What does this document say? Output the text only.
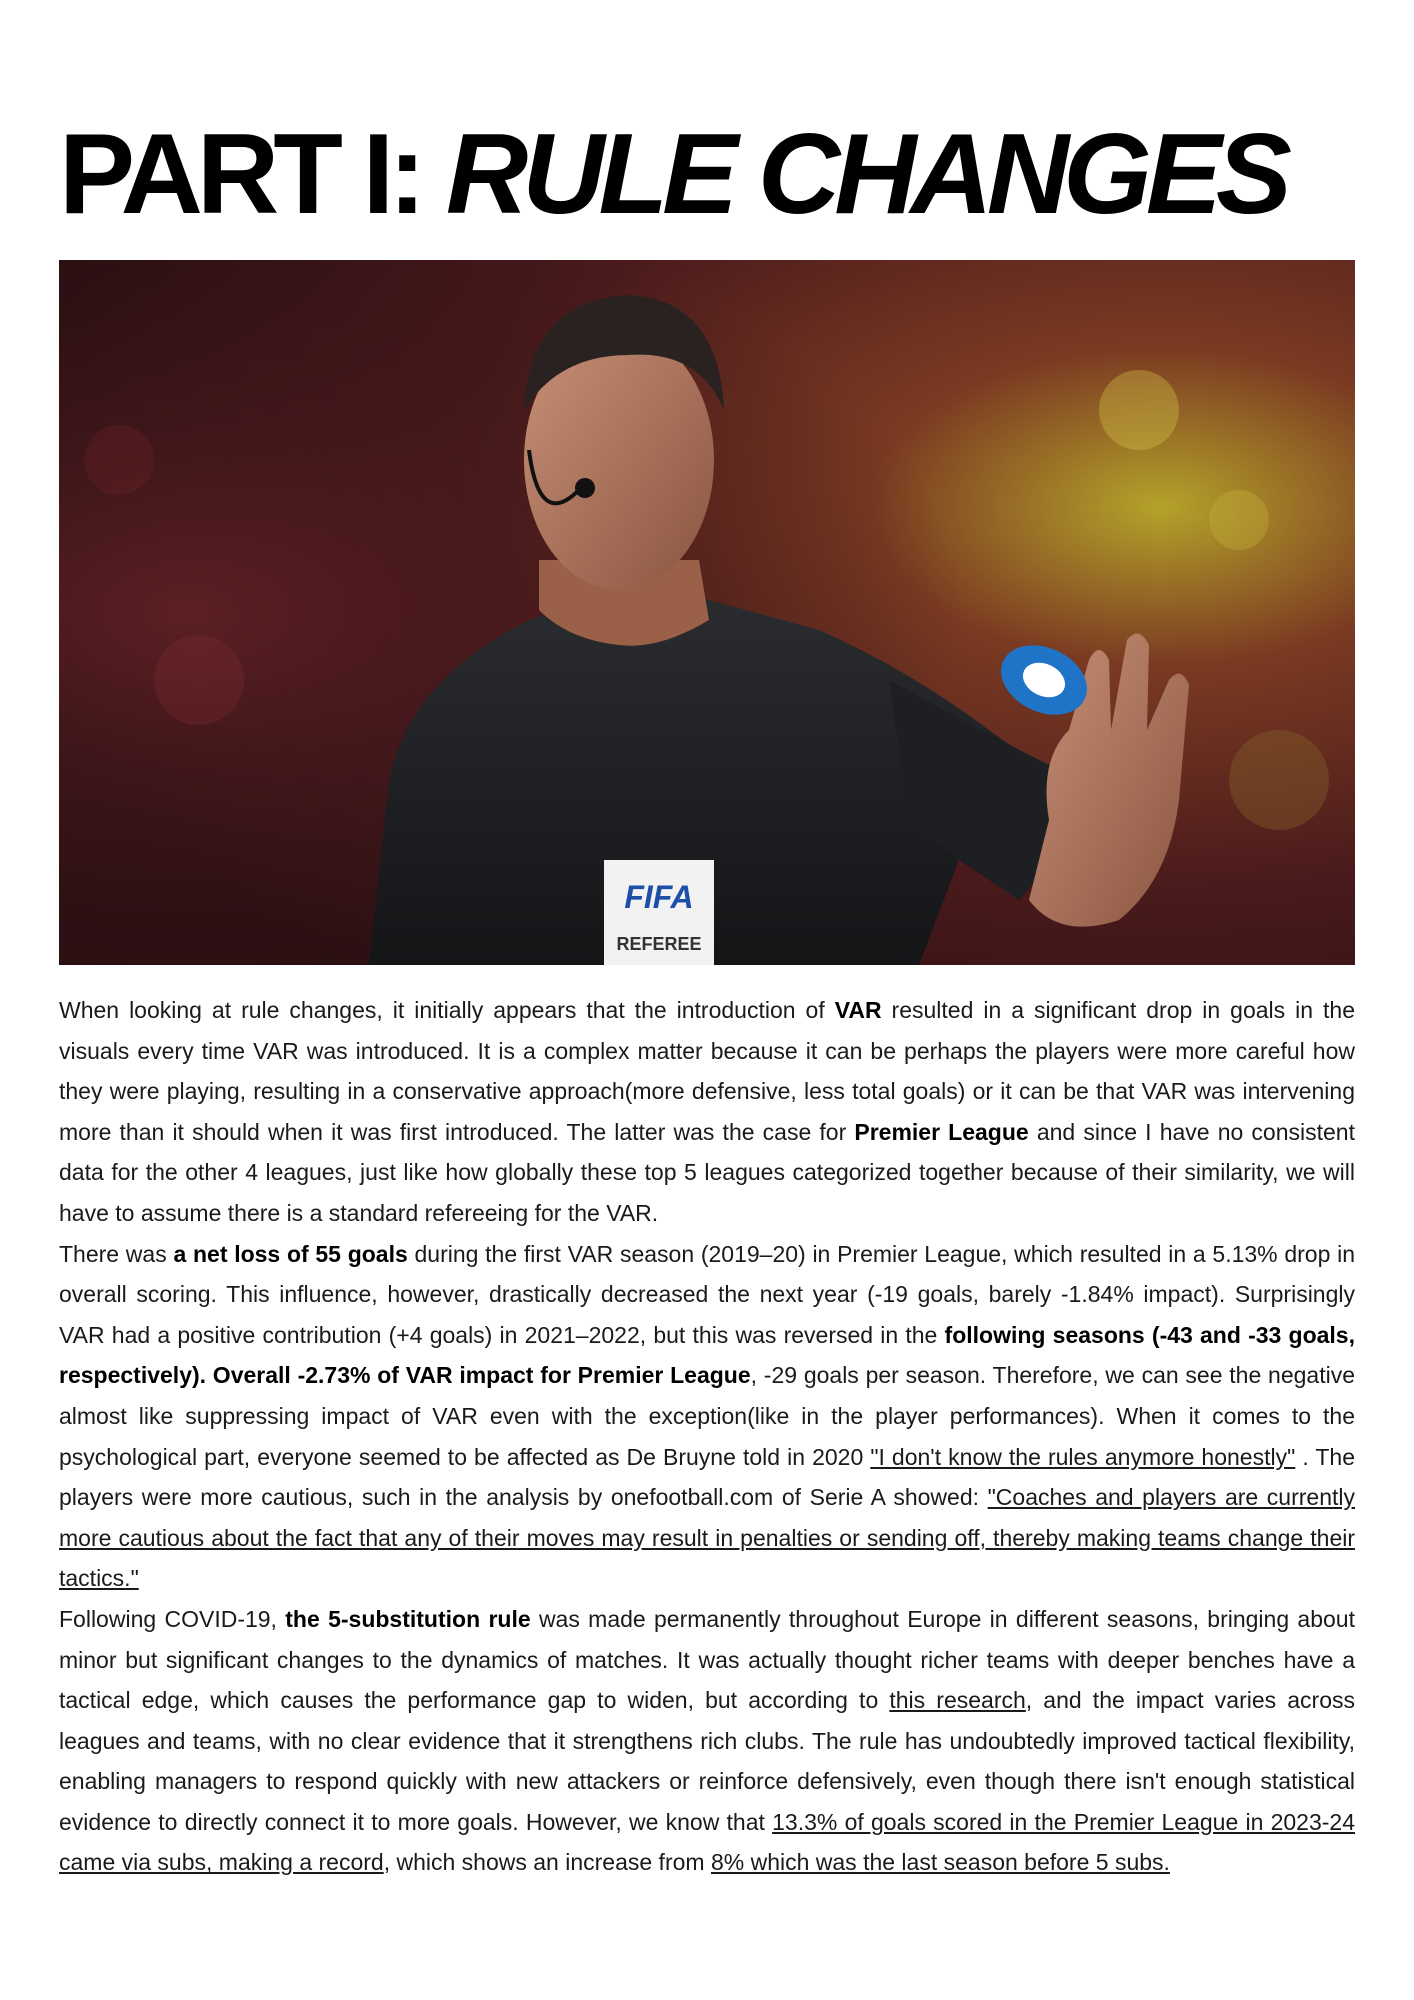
PART I: RULE CHANGES
FIFA
REFEREE

When looking at rule changes, it initially appears that the introduction of VAR resulted in a significant drop in goals in the visuals every time VAR was introduced. It is a complex matter because it can be perhaps the players were more careful how they were playing, resulting in a conservative approach(more defensive, less total goals) or it can be that VAR was intervening more than it should when it was first introduced. The latter was the case for Premier League and since I have no consistent data for the other 4 leagues, just like how globally these top 5 leagues categorized together because of their similarity, we will have to assume there is a standard refereeing for the VAR.

There was a net loss of 55 goals during the first VAR season (2019–20) in Premier League, which resulted in a 5.13% drop in overall scoring. This influence, however, drastically decreased the next year (-19 goals, barely -1.84% impact). Surprisingly VAR had a positive contribution (+4 goals) in 2021–2022, but this was reversed in the following seasons (-43 and -33 goals, respectively). Overall -2.73% of VAR impact for Premier League, -29 goals per season. Therefore, we can see the negative almost like suppressing impact of VAR even with the exception(like in the player performances). When it comes to the psychological part, everyone seemed to be affected as De Bruyne told in 2020 "I don't know the rules anymore honestly" . The players were more cautious, such in the analysis by onefootball.com of Serie A showed: "Coaches and players are currently more cautious about the fact that any of their moves may result in penalties or sending off, thereby making teams change their tactics."

Following COVID-19, the 5-substitution rule was made permanently throughout Europe in different seasons, bringing about minor but significant changes to the dynamics of matches. It was actually thought richer teams with deeper benches have a tactical edge, which causes the performance gap to widen, but according to this research, and the impact varies across leagues and teams, with no clear evidence that it strengthens rich clubs. The rule has undoubtedly improved tactical flexibility, enabling managers to respond quickly with new attackers or reinforce defensively, even though there isn't enough statistical evidence to directly connect it to more goals. However, we know that 13.3% of goals scored in the Premier League in 2023-24 came via subs, making a record, which shows an increase from 8% which was the last season before 5 subs.
